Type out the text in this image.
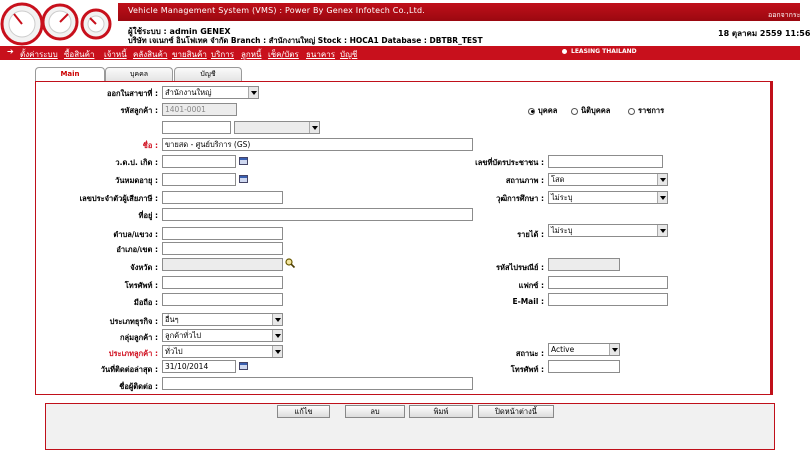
Vehicle Management System (VMS) : Power By Genex Infotech Co.,Ltd.	ออกจากระบบ
ผู้ใช้ระบบ : admin GENEX
บริษัท เจเนกซ์ อินโฟเทค จำกัด Branch : สำนักงานใหญ่ Stock : HOCA1 Database : DBTBR_TEST
18 ตุลาคม 2559 11:56
➔ ตั้งค่าระบบ ซื้อสินค้า เจ้าหนี้ คลังสินค้า ขายสินค้า บริการ ลูกหนี้ เช็ค/บัตร ธนาคาร บัญชี	LEASING THAILAND
Main	บุคคล	บัญชี
ออกในสาขาที่ : สำนักงานใหญ่
รหัสลูกค้า : 1401-0001	บุคคล	นิติบุคคล	ราชการ
ชื่อ : ขายสด - ศูนย์บริการ (GS)
ว.ด.ป. เกิด :	เลขที่บัตรประชาชน :
วันหมดอายุ :	สถานภาพ : โสด
เลขประจำตัวผู้เสียภาษี :	วุฒิการศึกษา : ไม่ระบุ
ที่อยู่ :
ตำบล/แขวง :	รายได้ : ไม่ระบุ
อำเภอ/เขต :
จังหวัด :	รหัสไปรษณีย์ :
โทรศัพท์ :	แฟกซ์ :
มือถือ :	E-Mail :
ประเภทธุรกิจ : อื่นๆ
กลุ่มลูกค้า : ลูกค้าทั่วไป
ประเภทลูกค้า : ทั่วไป	สถานะ : Active
วันที่ติดต่อล่าสุด : 31/10/2014	โทรศัพท์ :
ชื่อผู้ติดต่อ :
แก้ไข	ลบ	พิมพ์	ปิดหน้าต่างนี้
